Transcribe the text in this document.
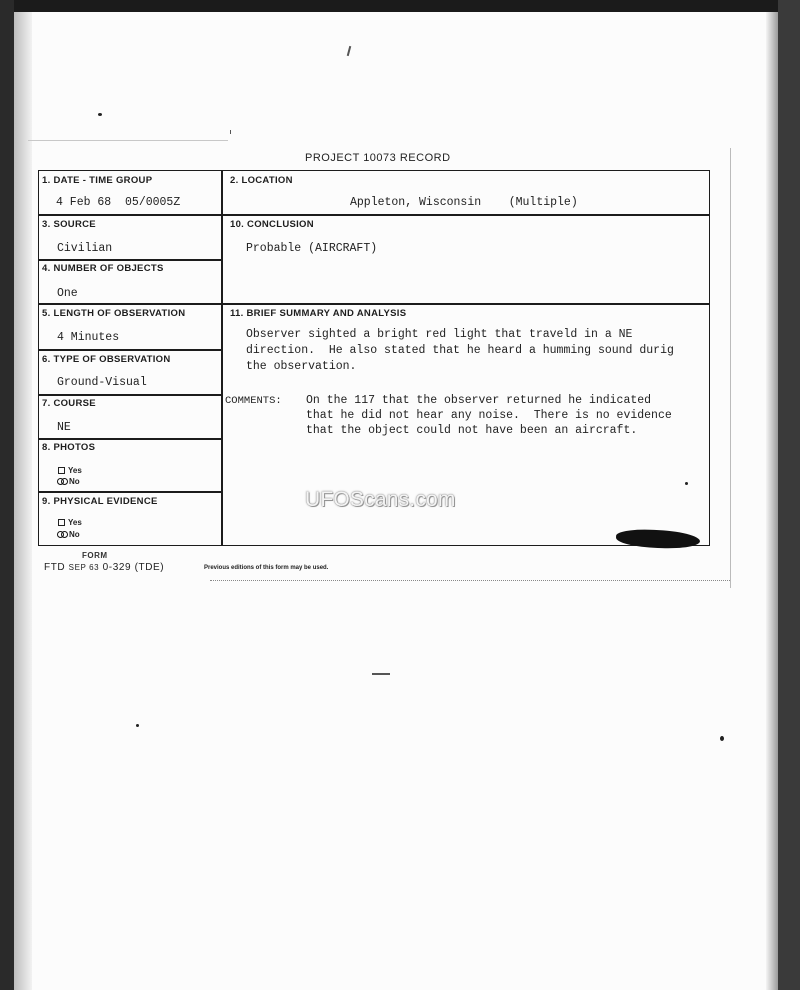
PROJECT 10073 RECORD
1. DATE - TIME GROUP
4 Feb 68  05/0005Z
2. LOCATION
Appleton, Wisconsin    (Multiple)
3. SOURCE
Civilian
10. CONCLUSION
Probable (AIRCRAFT)
4. NUMBER OF OBJECTS
One
5. LENGTH OF OBSERVATION
4 Minutes
11. BRIEF SUMMARY AND ANALYSIS
Observer sighted a bright red light that traveld in a NE
direction.  He also stated that he heard a humming sound durig
the observation.
COMMENTS: On the 117 that the observer returned he indicated
that he did not hear any noise.  There is no evidence
that the object could not have been an aircraft.
6. TYPE OF OBSERVATION
Ground-Visual
7. COURSE
NE
8. PHOTOS
Yes
No
9. PHYSICAL EVIDENCE
Yes
No
UFOScans.com
FORM
FTD SEP 63 0-329 (TDE)	Previous editions of this form may be used.
